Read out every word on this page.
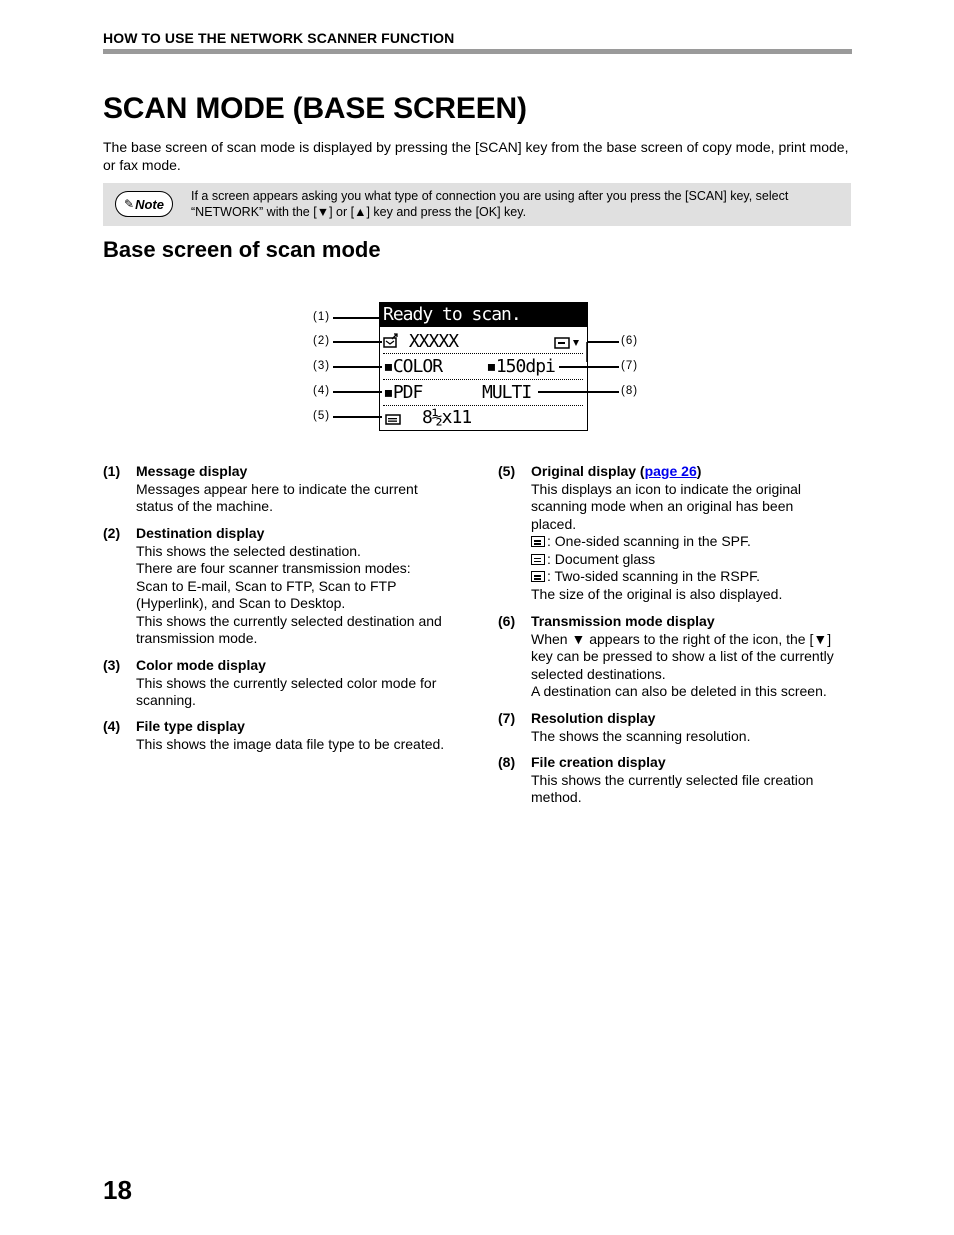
HOW TO USE THE NETWORK SCANNER FUNCTION
SCAN MODE (BASE SCREEN)
The base screen of scan mode is displayed by pressing the [SCAN] key from the base screen of copy mode, print mode, or fax mode.
✎ Note
If a screen appears asking you what type of connection you are using after you press the [SCAN] key, select
“NETWORK” with the [▼] or [▲] key and press the [OK] key.
Base screen of scan mode
Ready to scan.
XXXXX
▪COLOR ▪150dpi
▪PDF	MULTI
8½x11
(1)
(2)
(3)
(4)
(5)
(6)
(7)
(8)
(1) Message display
Messages appear here to indicate the current
status of the machine.
(2) Destination display
This shows the selected destination.
There are four scanner transmission modes:
Scan to E-mail, Scan to FTP, Scan to FTP
(Hyperlink), and Scan to Desktop.
This shows the currently selected destination and
transmission mode.
(3) Color mode display
This shows the currently selected color mode for
scanning.
(4) File type display
This shows the image data file type to be created.
(5) Original display (page 26)
This displays an icon to indicate the original
scanning mode when an original has been
placed.
: One-sided scanning in the SPF.
: Document glass
: Two-sided scanning in the RSPF.
The size of the original is also displayed.
(6) Transmission mode display
When ▼ appears to the right of the icon, the [▼]
key can be pressed to show a list of the currently
selected destinations.
A destination can also be deleted in this screen.
(7) Resolution display
The shows the scanning resolution.
(8) File creation display
This shows the currently selected file creation
method.
18
